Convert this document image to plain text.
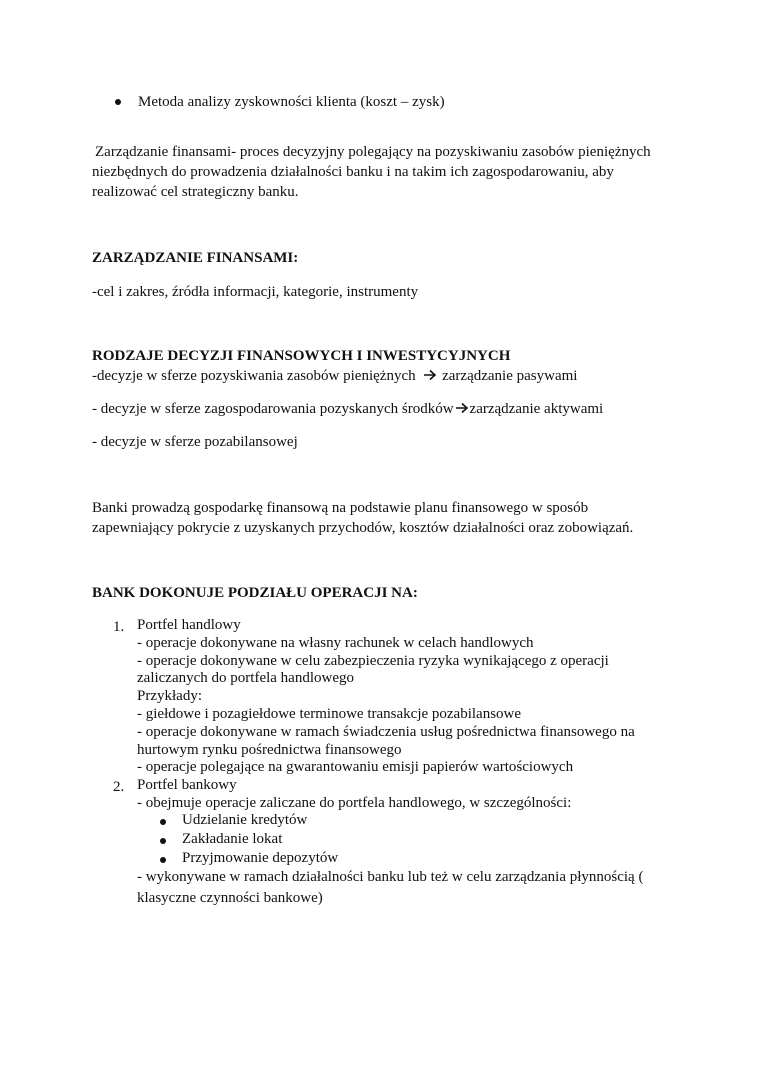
Metoda analizy zyskowności klienta (koszt – zysk)

Zarządzanie finansami- proces decyzyjny polegający na pozyskiwaniu zasobów pieniężnych
niezbędnych do prowadzenia działalności banku i na takim ich zagospodarowaniu, aby
realizować cel strategiczny banku.
ZARZĄDZANIE FINANSAMI:

-cel i zakres, źródła informacji, kategorie, instrumenty

RODZAJE DECYZJI FINANSOWYCH I INWESTYCYJNYCH

-decyzje w sferze pozyskiwania zasobów pieniężnych zarządzanie pasywami

- decyzje w sferze zagospodarowania pozyskanych środków zarządzanie aktywami

- decyzje w sferze pozabilansowej

Banki prowadzą gospodarkę finansową na podstawie planu finansowego w sposób
zapewniający pokrycie z uzyskanych przychodów, kosztów działalności oraz zobowiązań.
BANK DOKONUJE PODZIAŁU OPERACJI NA:
1. Portfel handlowy
- operacje dokonywane na własny rachunek w celach handlowych
- operacje dokonywane w celu zabezpieczenia ryzyka wynikającego z operacji
zaliczanych do portfela handlowego
Przykłady:
- giełdowe i pozagiełdowe terminowe transakcje pozabilansowe
- operacje dokonywane w ramach świadczenia usług pośrednictwa finansowego na
hurtowym rynku pośrednictwa finansowego
- operacje polegające na gwarantowaniu emisji papierów wartościowych
2. Portfel bankowy
- obejmuje operacje zaliczane do portfela handlowego, w szczególności:
Udzielanie kredytów
Zakładanie lokat
Przyjmowanie depozytów
- wykonywane w ramach działalności banku lub też w celu zarządzania płynnością (
klasyczne czynności bankowe)
